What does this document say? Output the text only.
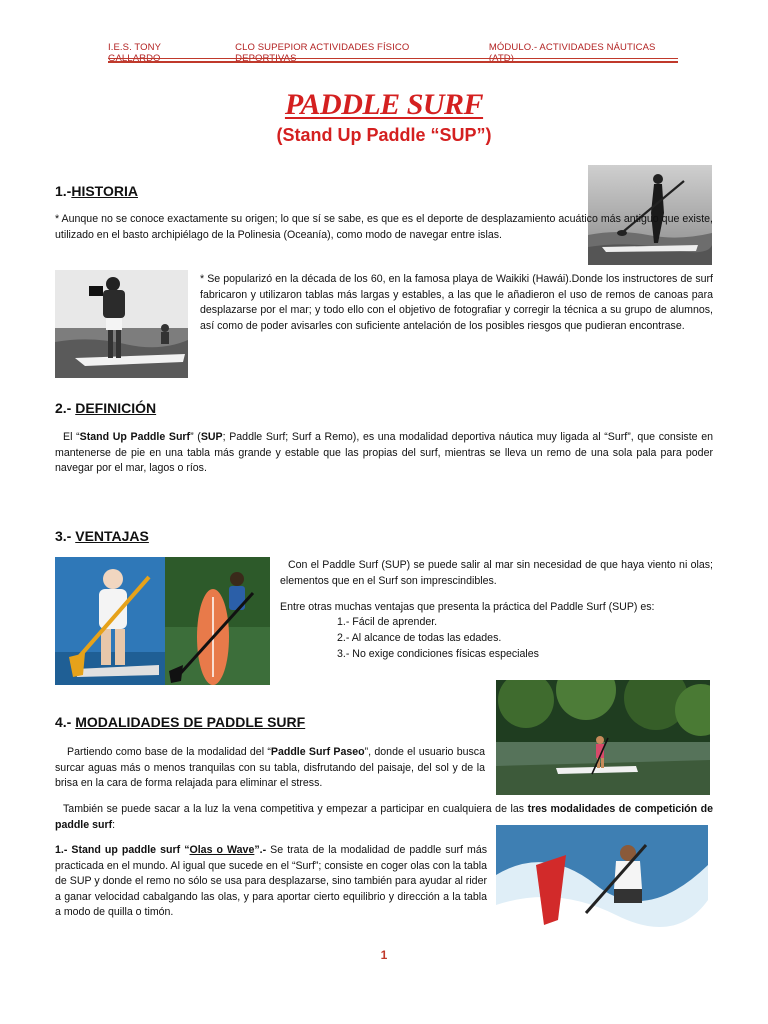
I.E.S. TONY GALLARDO
CLO SUPEPIOR ACTIVIDADES FÍSICO DEPORTIVAS
MÓDULO.- ACTIVIDADES NÁUTICAS (ATD)
PADDLE SURF
(Stand Up Paddle “SUP”)
1.-HISTORIA
* Aunque no se conoce exactamente su origen; lo que sí se sabe, es que es el deporte de desplazamiento acuático más antiguo que existe, utilizado en el basto archipiélago de la Polinesia (Oceanía), como modo de navegar entre islas.
* Se popularizó en la década de los 60, en la famosa playa de Waikiki (Hawái).Donde los instructores de surf fabricaron y utilizaron tablas más largas y estables, a las que le añadieron el uso de remos de canoas para desplazarse por el mar; y todo ello con el objetivo de fotografiar y corregir la técnica a su grupo de alumnos, así como de poder avisarles con suficiente antelación de los posibles riesgos que pudieran encontrase.
2.- DEFINICIÓN
El “Stand Up Paddle Surf” (SUP; Paddle Surf; Surf a Remo), es una modalidad deportiva náutica muy ligada al “Surf”, que consiste en mantenerse de pie en una tabla más grande y estable que las propias del surf, mientras se lleva un remo de una sola pala para poder navegar por el mar, lagos o ríos.
3.- VENTAJAS
Con el Paddle Surf (SUP) se puede salir al mar sin necesidad de que haya viento ni olas; elementos que en el Surf son imprescindibles.
Entre otras muchas ventajas que presenta la práctica del Paddle Surf (SUP) es:
1.- Fácil de aprender.
2.- Al alcance de todas las edades.
3.- No exige condiciones físicas especiales
4.- MODALIDADES DE PADDLE SURF
Partiendo como base de la modalidad del “Paddle Surf Paseo”, donde el usuario busca surcar aguas más o menos tranquilas con su tabla, disfrutando del paisaje, del sol y de la brisa en la cara de forma relajada para eliminar el stress.
También se puede sacar a la luz la vena competitiva y empezar a participar en cualquiera de las tres modalidades de competición de paddle surf:
1.- Stand up paddle surf “Olas o Wave”.- Se trata de la modalidad de paddle surf más practicada en el mundo. Al igual que sucede en el “Surf”; consiste en coger olas con la tabla de SUP y donde el remo no sólo se usa para desplazarse, sino también para ayudar al rider a ganar velocidad cabalgando las olas, y para aportar cierto equilibrio y dirección a la tabla a modo de quilla o timón.
1
